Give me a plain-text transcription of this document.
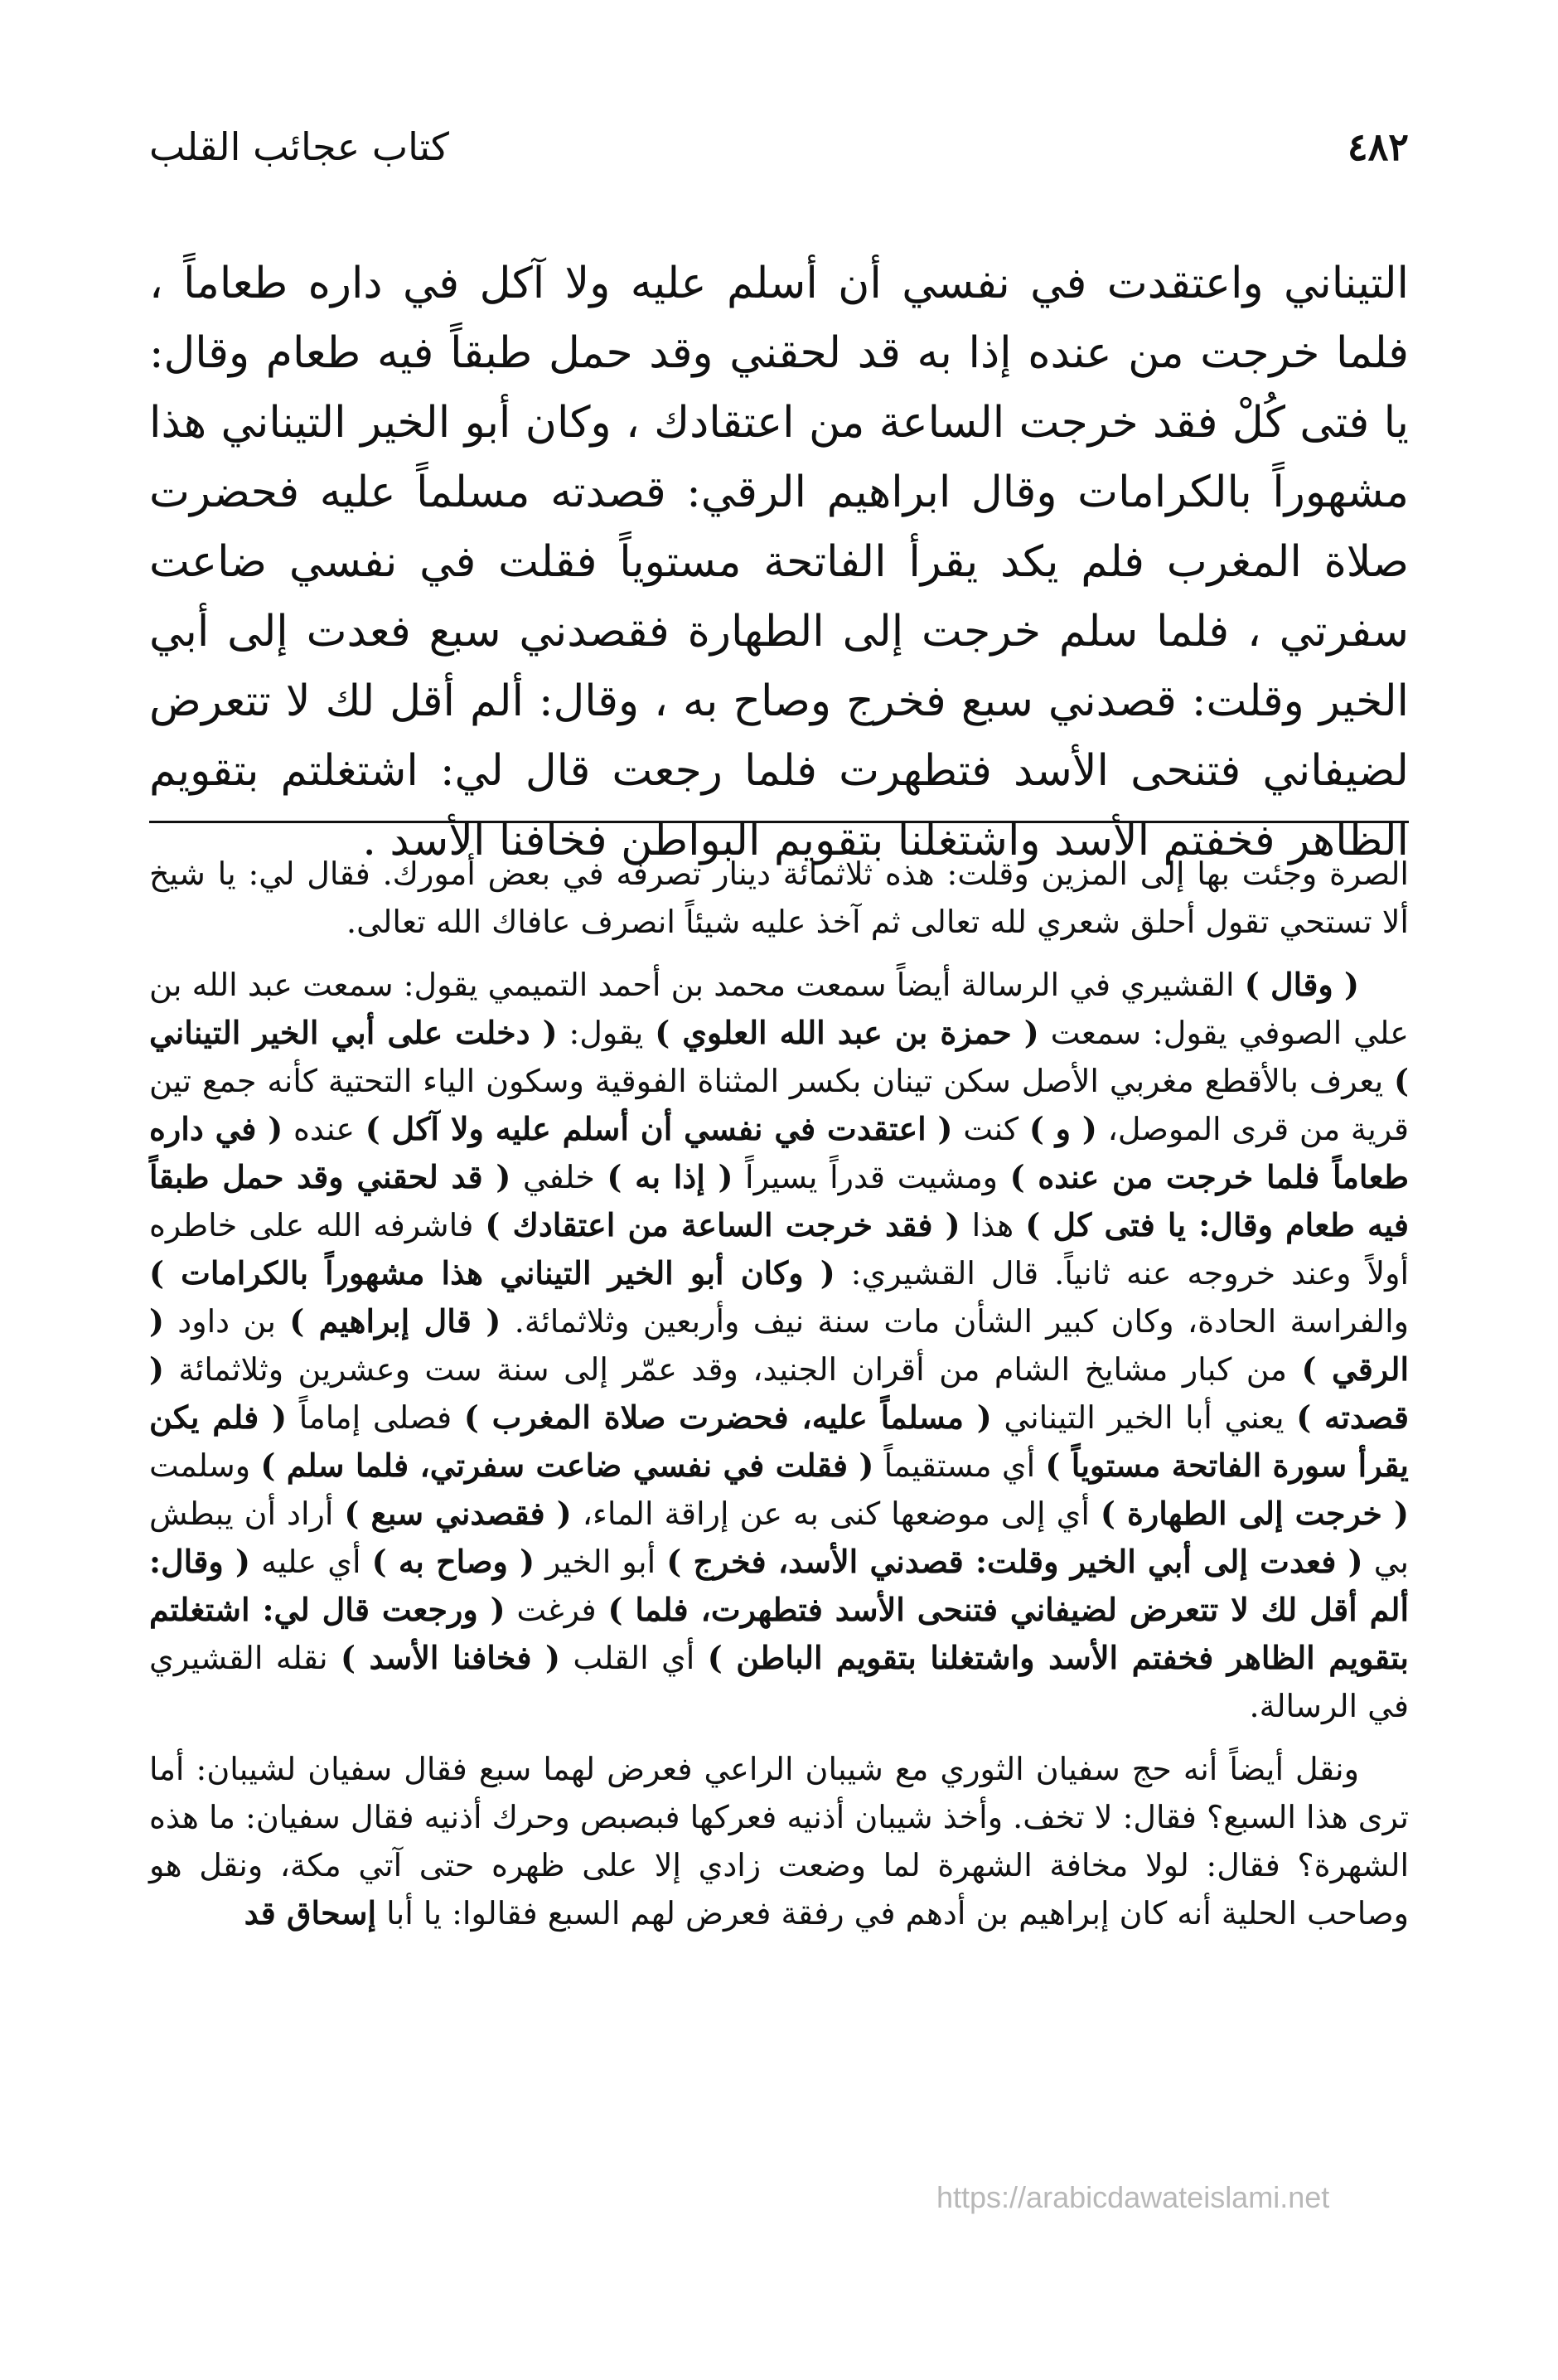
٤٨٢
كتاب عجائب القلب

التيناني واعتقدت في نفسي أن أسلم عليه ولا آكل في داره طعاماً ، فلما خرجت من عنده إذا به قد لحقني وقد حمل طبقاً فيه طعام وقال: يا فتى كُلْ فقد خرجت الساعة من اعتقادك ، وكان أبو الخير التيناني هذا مشهوراً بالكرامات وقال ابراهيم الرقي: قصدته مسلماً عليه فحضرت صلاة المغرب فلم يكد يقرأ الفاتحة مستوياً فقلت في نفسي ضاعت سفرتي ، فلما سلم خرجت إلى الطهارة فقصدني سبع فعدت إلى أبي الخير وقلت: قصدني سبع فخرج وصاح به ، وقال: ألم أقل لك لا تتعرض لضيفاني فتنحى الأسد فتطهرت فلما رجعت قال لي: اشتغلتم بتقويم الظاهر فخفتم الأسد واشتغلنا بتقويم البواطن فخافنا الأسد .

الصرة وجئت بها إلى المزين وقلت: هذه ثلاثمائة دينار تصرفه في بعض أمورك. فقال لي: يا شيخ ألا تستحي تقول أحلق شعري لله تعالى ثم آخذ عليه شيئاً انصرف عافاك الله تعالى.

( وقال ) القشيري في الرسالة أيضاً سمعت محمد بن أحمد التميمي يقول: سمعت عبد الله بن علي الصوفي يقول: سمعت ( حمزة بن عبد الله العلوي ) يقول: ( دخلت على أبي الخير التيناني ) يعرف بالأقطع مغربي الأصل سكن تينان بكسر المثناة الفوقية وسكون الياء التحتية كأنه جمع تين قرية من قرى الموصل، ( و ) كنت ( اعتقدت في نفسي أن أسلم عليه ولا آكل ) عنده ( في داره طعاماً فلما خرجت من عنده ) ومشيت قدراً يسيراً ( إذا به ) خلفي ( قد لحقني وقد حمل طبقاً فيه طعام وقال: يا فتى كل ) هذا ( فقد خرجت الساعة من اعتقادك ) فاشرفه الله على خاطره أولاً وعند خروجه عنه ثانياً. قال القشيري: ( وكان أبو الخير التيناني هذا مشهوراً بالكرامات ) والفراسة الحادة، وكان كبير الشأن مات سنة نيف وأربعين وثلاثمائة. ( قال إبراهيم ) بن داود ( الرقي ) من كبار مشايخ الشام من أقران الجنيد، وقد عمّر إلى سنة ست وعشرين وثلاثمائة ( قصدته ) يعني أبا الخير التيناني ( مسلماً عليه، فحضرت صلاة المغرب ) فصلى إماماً ( فلم يكن يقرأ سورة الفاتحة مستوياً ) أي مستقيماً ( فقلت في نفسي ضاعت سفرتي، فلما سلم ) وسلمت ( خرجت إلى الطهارة ) أي إلى موضعها كنى به عن إراقة الماء، ( فقصدني سبع ) أراد أن يبطش بي ( فعدت إلى أبي الخير وقلت: قصدني الأسد، فخرج ) أبو الخير ( وصاح به ) أي عليه ( وقال: ألم أقل لك لا تتعرض لضيفاني فتنحى الأسد فتطهرت، فلما ) فرغت ( ورجعت قال لي: اشتغلتم بتقويم الظاهر فخفتم الأسد واشتغلنا بتقويم الباطن ) أي القلب ( فخافنا الأسد ) نقله القشيري في الرسالة.

ونقل أيضاً أنه حج سفيان الثوري مع شيبان الراعي فعرض لهما سبع فقال سفيان لشيبان: أما ترى هذا السبع؟ فقال: لا تخف. وأخذ شيبان أذنيه فعركها فبصبص وحرك أذنيه فقال سفيان: ما هذه الشهرة؟ فقال: لولا مخافة الشهرة لما وضعت زادي إلا على ظهره حتى آتي مكة، ونقل هو وصاحب الحلية أنه كان إبراهيم بن أدهم في رفقة فعرض لهم السبع فقالوا: يا أبا إسحاق قد

https://arabicdawateislami.net
